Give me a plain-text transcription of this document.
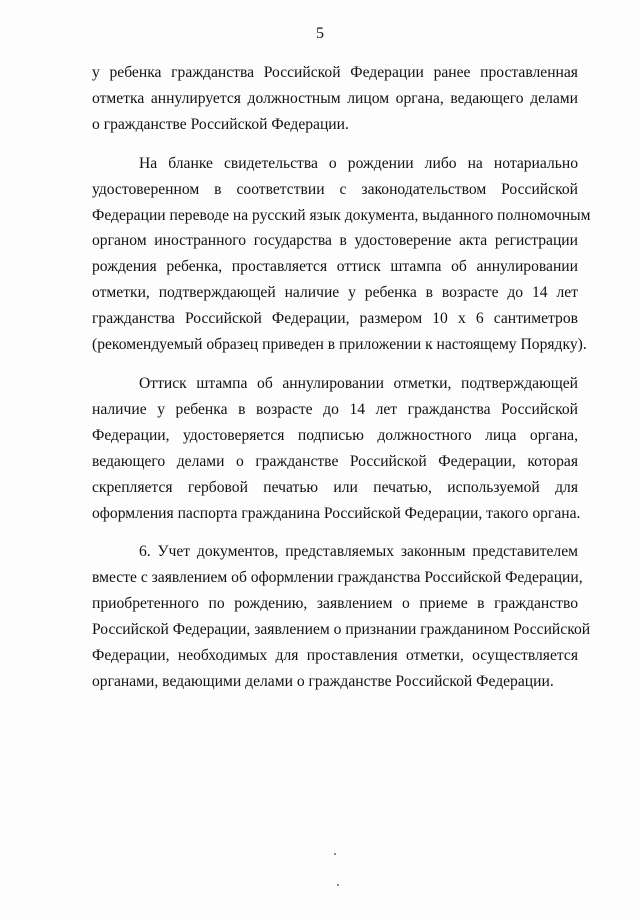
5

у ребенка гражданства Российской Федерации ранее проставленная
отметка аннулируется должностным лицом органа, ведающего делами
о гражданстве Российской Федерации.

На бланке свидетельства о рождении либо на нотариально
удостоверенном в соответствии с законодательством Российской
Федерации переводе на русский язык документа, выданного полномочным
органом иностранного государства в удостоверение акта регистрации
рождения ребенка, проставляется оттиск штампа об аннулировании
отметки, подтверждающей наличие у ребенка в возрасте до 14 лет
гражданства Российской Федерации, размером 10 х 6 сантиметров
(рекомендуемый образец приведен в приложении к настоящему Порядку).

Оттиск штампа об аннулировании отметки, подтверждающей
наличие у ребенка в возрасте до 14 лет гражданства Российской
Федерации, удостоверяется подписью должностного лица органа,
ведающего делами о гражданстве Российской Федерации, которая
скрепляется гербовой печатью или печатью, используемой для
оформления паспорта гражданина Российской Федерации, такого органа.

6. Учет документов, представляемых законным представителем
вместе с заявлением об оформлении гражданства Российской Федерации,
приобретенного по рождению, заявлением о приеме в гражданство
Российской Федерации, заявлением о признании гражданином Российской
Федерации, необходимых для проставления отметки, осуществляется
органами, ведающими делами о гражданстве Российской Федерации.
